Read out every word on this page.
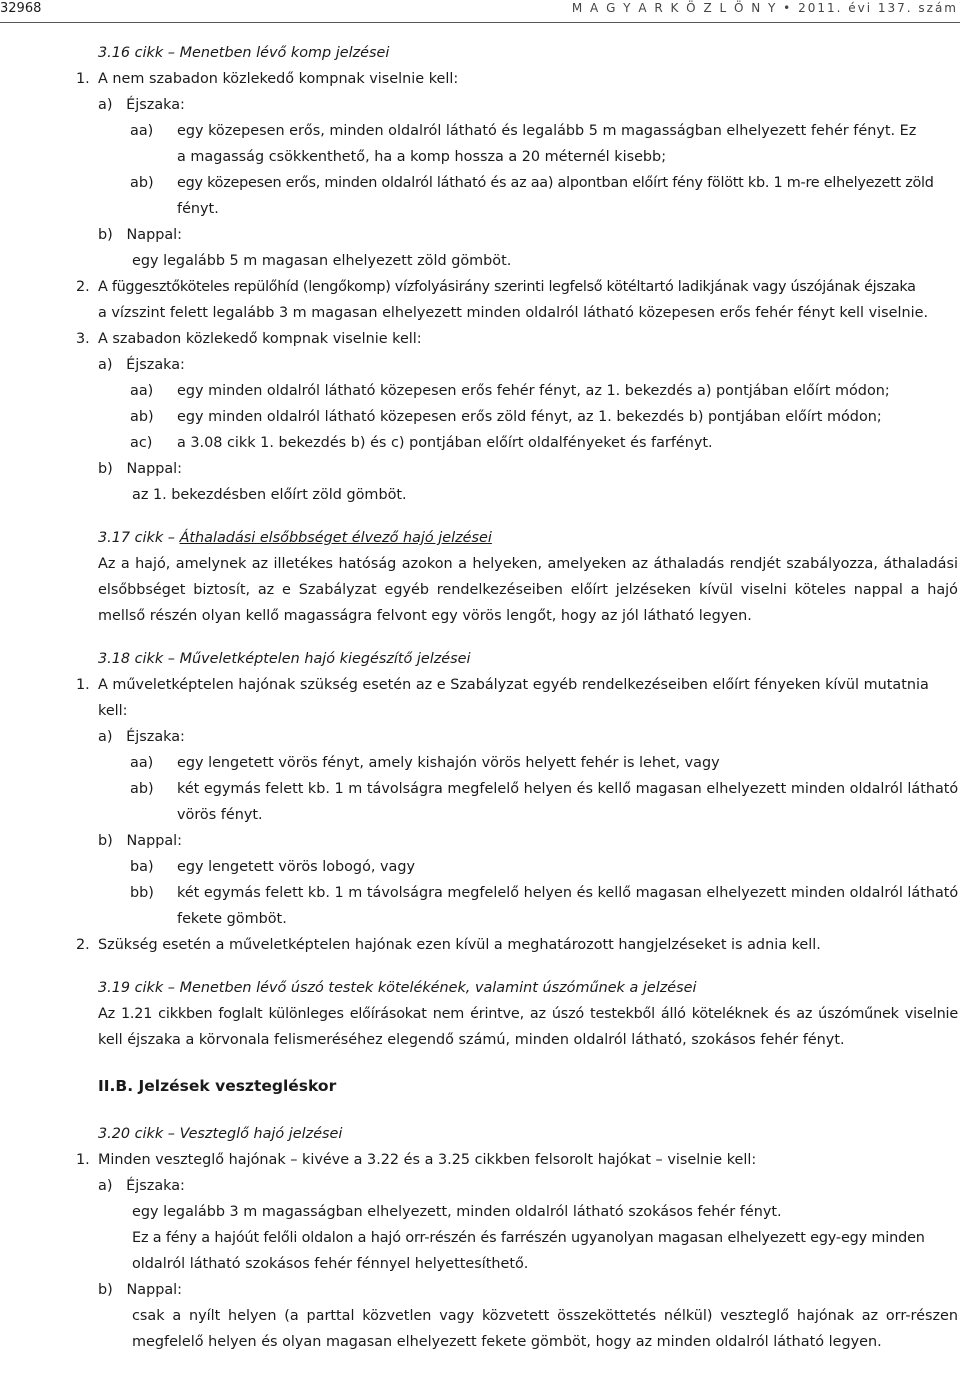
32968	M A G Y A R K Ö Z L Ö N Y • 2011. évi 137. szám
3.16 cikk – Menetben lévő komp jelzései
1. A nem szabadon közlekedő kompnak viselnie kell:
a) Éjszaka:
aa) egy közepesen erős, minden oldalról látható és legalább 5 m magasságban elhelyezett fehér fényt. Ez
a magasság csökkenthető, ha a komp hossza a 20 méternél kisebb;
ab) egy közepesen erős, minden oldalról látható és az aa) alpontban előírt fény fölött kb. 1 m-re elhelyezett zöld
fényt.
b) Nappal:
egy legalább 5 m magasan elhelyezett zöld gömböt.
2. A függesztőköteles repülőhíd (lengőkomp) vízfolyásirány szerinti legfelső kötéltartó ladikjának vagy úszójának éjszaka
a vízszint felett legalább 3 m magasan elhelyezett minden oldalról látható közepesen erős fehér fényt kell viselnie.
3. A szabadon közlekedő kompnak viselnie kell:
a) Éjszaka:
aa) egy minden oldalról látható közepesen erős fehér fényt, az 1. bekezdés a) pontjában előírt módon;
ab) egy minden oldalról látható közepesen erős zöld fényt, az 1. bekezdés b) pontjában előírt módon;
ac) a 3.08 cikk 1. bekezdés b) és c) pontjában előírt oldalfényeket és farfényt.
b) Nappal:
az 1. bekezdésben előírt zöld gömböt.
3.17 cikk – Áthaladási elsőbbséget élvező hajó jelzései
Az a hajó, amelynek az illetékes hatóság azokon a helyeken, amelyeken az áthaladás rendjét szabályozza, áthaladási
elsőbbséget biztosít, az e Szabályzat egyéb rendelkezéseiben előírt jelzéseken kívül viselni köteles nappal a hajó
mellső részén olyan kellő magasságra felvont egy vörös lengőt, hogy az jól látható legyen.
3.18 cikk – Műveletképtelen hajó kiegészítő jelzései
1. A műveletképtelen hajónak szükség esetén az e Szabályzat egyéb rendelkezéseiben előírt fényeken kívül mutatnia
kell:
a) Éjszaka:
aa) egy lengetett vörös fényt, amely kishajón vörös helyett fehér is lehet, vagy
ab) két egymás felett kb. 1 m távolságra megfelelő helyen és kellő magasan elhelyezett minden oldalról látható
vörös fényt.
b) Nappal:
ba) egy lengetett vörös lobogó, vagy
bb) két egymás felett kb. 1 m távolságra megfelelő helyen és kellő magasan elhelyezett minden oldalról látható
fekete gömböt.
2. Szükség esetén a műveletképtelen hajónak ezen kívül a meghatározott hangjelzéseket is adnia kell.
3.19 cikk – Menetben lévő úszó testek kötelékének, valamint úszóműnek a jelzései
Az 1.21 cikkben foglalt különleges előírásokat nem érintve, az úszó testekből álló köteléknek és az úszóműnek viselnie
kell éjszaka a körvonala felismeréséhez elegendő számú, minden oldalról látható, szokásos fehér fényt.
II.B. Jelzések vesztegléskor
3.20 cikk – Veszteglő hajó jelzései
1. Minden veszteglő hajónak – kivéve a 3.22 és a 3.25 cikkben felsorolt hajókat – viselnie kell:
a) Éjszaka:
egy legalább 3 m magasságban elhelyezett, minden oldalról látható szokásos fehér fényt.
Ez a fény a hajóút felőli oldalon a hajó orr-részén és farrészén ugyanolyan magasan elhelyezett egy-egy minden
oldalról látható szokásos fehér fénnyel helyettesíthető.
b) Nappal:
csak a nyílt helyen (a parttal közvetlen vagy közvetett összeköttetés nélkül) veszteglő hajónak az orr-részen
megfelelő helyen és olyan magasan elhelyezett fekete gömböt, hogy az minden oldalról látható legyen.
